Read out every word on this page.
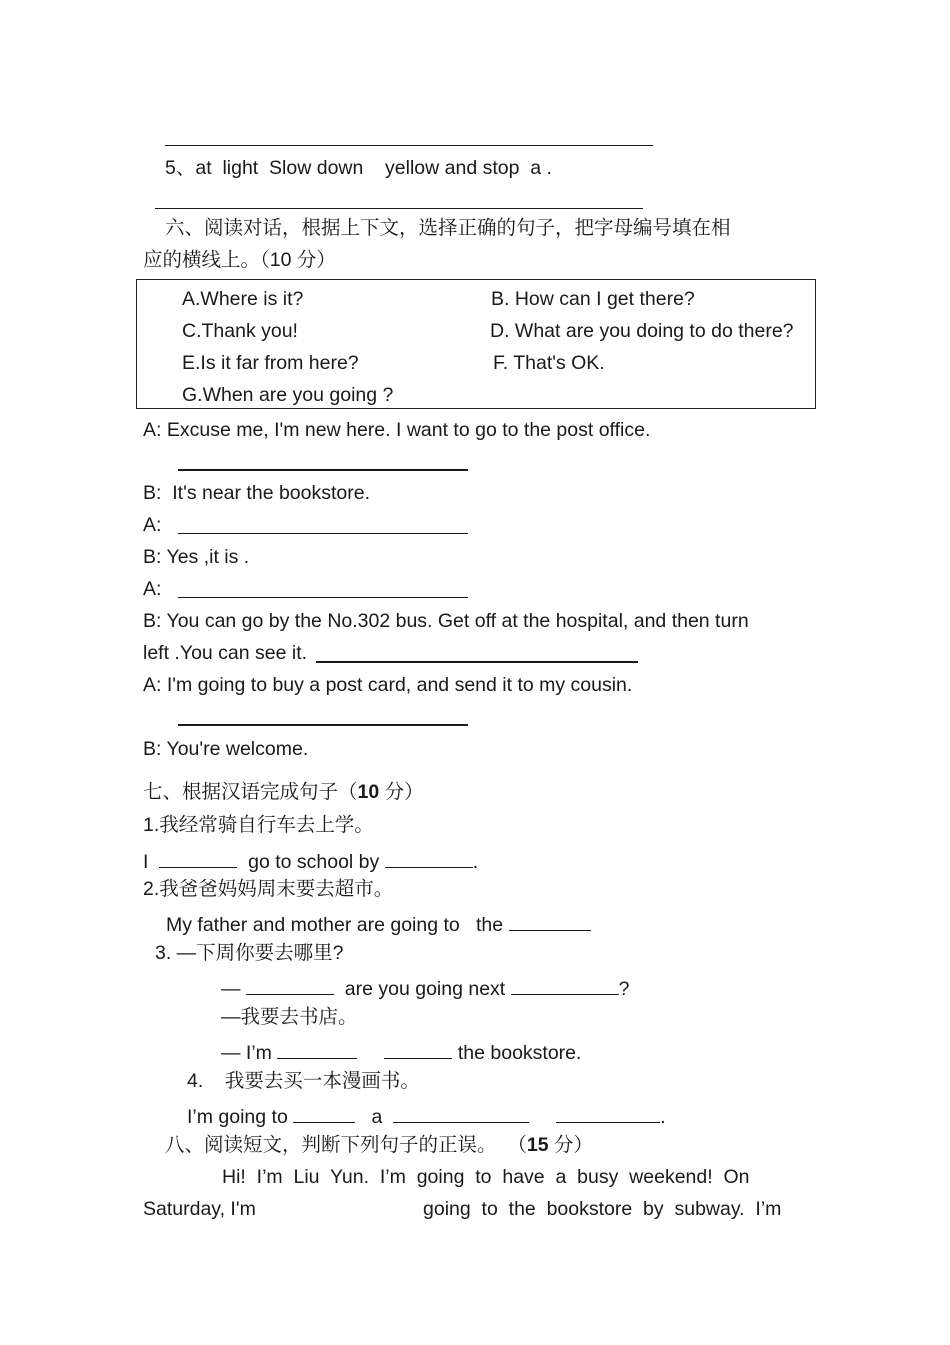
5、at  light  Slow down    yellow and stop  a .
六、阅读对话，根据上下文，选择正确的句子，把字母编号填在相
应的横线上。（10 分）
A.Where is it?	B. How can I get there?
C.Thank you!	D. What are you doing to do there?
E.Is it far from here?	F. That's OK.
G.When are you going ?
A: Excuse me, I'm new here. I want to go to the post office.
B:  It's near the bookstore.
A:
B: Yes ,it is .
A:
B: You can go by the No.302 bus. Get off at the hospital, and then turn
left .You can see it.
A: I'm going to buy a post card, and send it to my cousin.
B: You're welcome.
七、根据汉语完成句子（10 分）
1.我经常骑自行车去上学。
I	go to school by	.
2.我爸爸妈妈周末要去超市。
My father and mother are going to   the
3. —下周你要去哪里?
—	are you going next	?
—我要去书店。
— I’m	the bookstore.
4.    我要去买一本漫画书。
I’m going to	a	.
八、阅读短文，判断下列句子的正误。  （15 分）
Hi!  I’m  Liu  Yun.  I’m  going  to  have  a  busy  weekend!  On
Saturday, I'm	going  to  the  bookstore  by  subway.  I’m
